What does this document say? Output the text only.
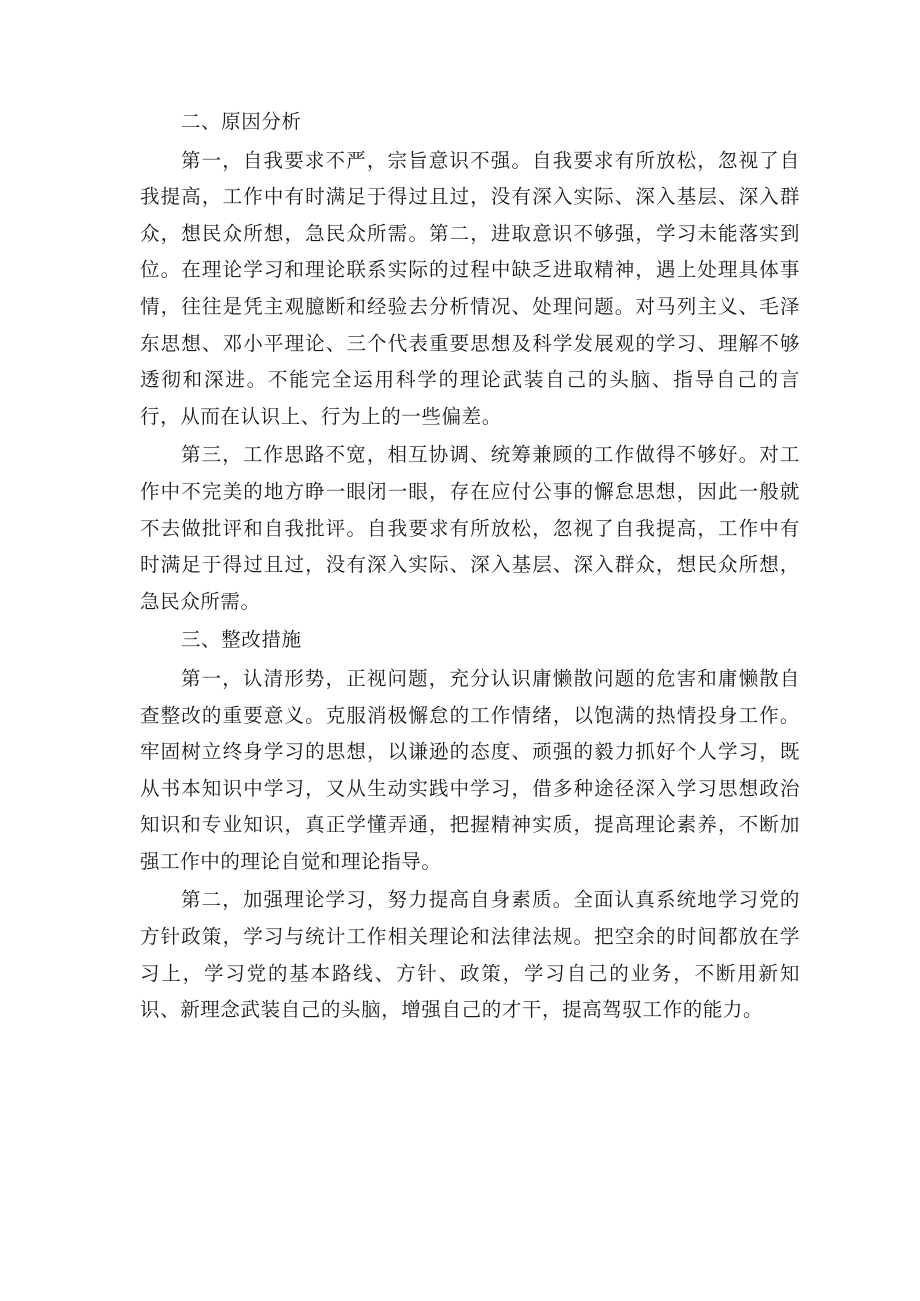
二、原因分析

第一，自我要求不严，宗旨意识不强。自我要求有所放松，忽视了自我提高，工作中有时满足于得过且过，没有深入实际、深入基层、深入群众，想民众所想，急民众所需。第二，进取意识不够强，学习未能落实到位。在理论学习和理论联系实际的过程中缺乏进取精神，遇上处理具体事情，往往是凭主观臆断和经验去分析情况、处理问题。对马列主义、毛泽东思想、邓小平理论、三个代表重要思想及科学发展观的学习、理解不够透彻和深进。不能完全运用科学的理论武装自己的头脑、指导自己的言行，从而在认识上、行为上的一些偏差。

第三，工作思路不宽，相互协调、统筹兼顾的工作做得不够好。对工作中不完美的地方睁一眼闭一眼，存在应付公事的懈怠思想，因此一般就不去做批评和自我批评。自我要求有所放松，忽视了自我提高，工作中有时满足于得过且过，没有深入实际、深入基层、深入群众，想民众所想，急民众所需。

三、整改措施

第一，认清形势，正视问题，充分认识庸懒散问题的危害和庸懒散自查整改的重要意义。克服消极懈怠的工作情绪，以饱满的热情投身工作。牢固树立终身学习的思想，以谦逊的态度、顽强的毅力抓好个人学习，既从书本知识中学习，又从生动实践中学习，借多种途径深入学习思想政治知识和专业知识，真正学懂弄通，把握精神实质，提高理论素养，不断加强工作中的理论自觉和理论指导。

第二，加强理论学习，努力提高自身素质。全面认真系统地学习党的方针政策，学习与统计工作相关理论和法律法规。把空余的时间都放在学习上，学习党的基本路线、方针、政策，学习自己的业务，不断用新知识、新理念武装自己的头脑，增强自己的才干，提高驾驭工作的能力。
